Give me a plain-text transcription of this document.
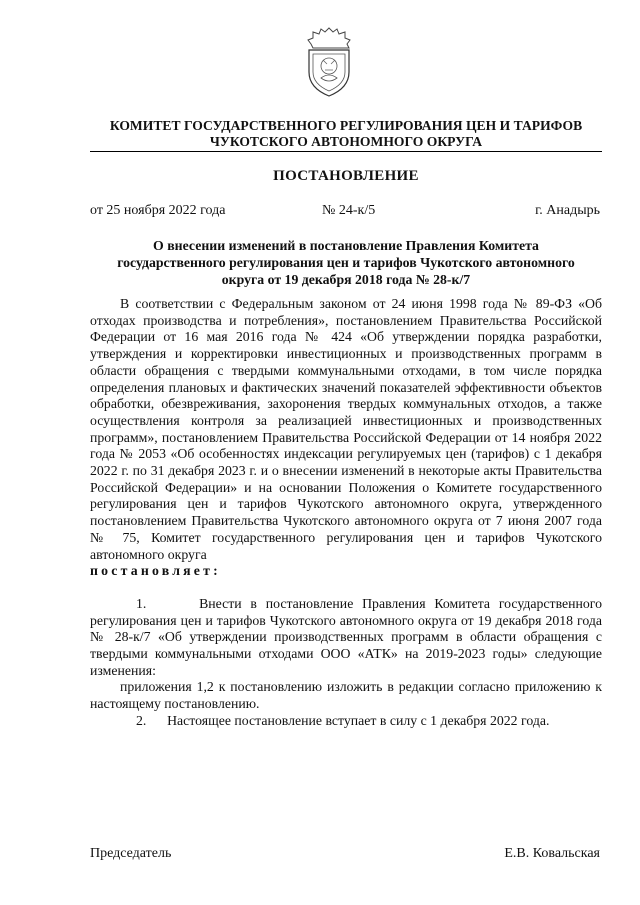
КОМИТЕТ ГОСУДАРСТВЕННОГО РЕГУЛИРОВАНИЯ ЦЕН И ТАРИФОВ
ЧУКОТСКОГО АВТОНОМНОГО ОКРУГА
ПОСТАНОВЛЕНИЕ
от 25 ноября 2022 года	№ 24-к/5	г. Анадырь
О внесении изменений в постановление Правления Комитета
государственного регулирования цен и тарифов Чукотского автономного
округа от 19 декабря 2018 года № 28-к/7

В соответствии с Федеральным законом от 24 июня 1998 года № 89-ФЗ «Об отходах производства и потребления», постановлением Правительства Российской Федерации от 16 мая 2016 года № 424 «Об утверждении порядка разработки, утверждения и корректировки инвестиционных и производственных программ в области обращения с твердыми коммунальными отходами, в том числе порядка определения плановых и фактических значений показателей эффективности объектов обработки, обезвреживания, захоронения твердых коммунальных отходов, а также осуществления контроля за реализацией инвестиционных и производственных программ», постановлением Правительства Российской Федерации от 14 ноября 2022 года № 2053 «Об особенностях индексации регулируемых цен (тарифов) с 1 декабря 2022 г. по 31 декабря 2023 г. и о внесении изменений в некоторые акты Правительства Российской Федерации» и на основании Положения о Комитете государственного регулирования цен и тарифов Чукотского автономного округа, утвержденного постановлением Правительства Чукотского автономного округа от 7 июня 2007 года № 75, Комитет государственного регулирования цен и тарифов Чукотского автономного округа

постановляет:

1.	Внести в постановление Правления Комитета государственного регулирования цен и тарифов Чукотского автономного округа от 19 декабря 2018 года № 28-к/7 «Об утверждении производственных программ в области обращения с твердыми коммунальными отходами ООО «АТК» на 2019-2023 годы» следующие изменения:

приложения 1,2 к постановлению изложить в редакции согласно приложению к настоящему постановлению.

2. Настоящее постановление вступает в силу с 1 декабря 2022 года.

Председатель	Е.В. Ковальская
